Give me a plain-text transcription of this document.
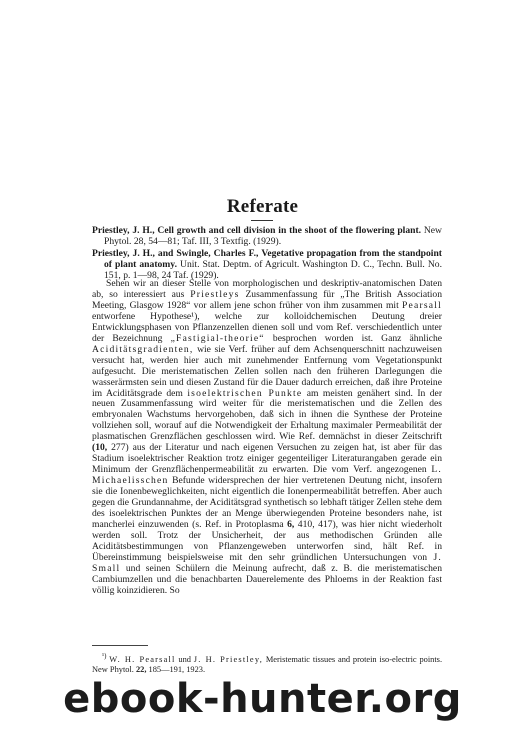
Referate

Priestley, J. H., Cell growth and cell division in the shoot of the flowering plant. New Phytol. 28, 54—81; Taf. III, 3 Textfig. (1929).

Priestley, J. H., and Swingle, Charles F., Vegetative propagation from the standpoint of plant anatomy. Unit. Stat. Deptm. of Agricult. Washington D. C., Techn. Bull. No. 151, p. 1—98, 24 Taf. (1929).

Sehen wir an dieser Stelle von morphologischen und deskriptiv-anatomischen Daten ab, so interessiert aus Priestleys Zusammenfassung für „The British Association Meeting, Glasgow 1928“ vor allem jene schon früher von ihm zusammen mit Pearsall entworfene Hypothese¹), welche zur kolloidchemischen Deutung dreier Entwicklungsphasen von Pflanzenzellen dienen soll und vom Ref. verschiedentlich unter der Bezeichnung „Fastigial-theorie“ besprochen worden ist. Ganz ähnliche Aciditätsgradienten, wie sie Verf. früher auf dem Achsenquerschnitt nachzuweisen versucht hat, werden hier auch mit zunehmender Entfernung vom Vegetationspunkt aufgesucht. Die meristematischen Zellen sollen nach den früheren Darlegungen die wasserärmsten sein und diesen Zustand für die Dauer dadurch erreichen, daß ihre Proteine im Aciditätsgrade dem isoelektrischen Punkte am meisten genähert sind. In der neuen Zusammenfassung wird weiter für die meristematischen und die Zellen des embryonalen Wachstums hervorgehoben, daß sich in ihnen die Synthese der Proteine vollziehen soll, worauf auf die Notwendigkeit der Erhaltung maximaler Permeabilität der plasmatischen Grenzflächen geschlossen wird. Wie Ref. demnächst in dieser Zeitschrift (10, 277) aus der Literatur und nach eigenen Versuchen zu zeigen hat, ist aber für das Stadium isoelektrischer Reaktion trotz einiger gegenteiliger Literaturangaben gerade ein Minimum der Grenzflächenpermeabilität zu erwarten. Die vom Verf. angezogenen L. Michaelisschen Befunde widersprechen der hier vertretenen Deutung nicht, insofern sie die Ionenbeweglichkeiten, nicht eigentlich die Ionenpermeabilität betreffen. Aber auch gegen die Grundannahme, der Aciditätsgrad synthetisch so lebhaft tätiger Zellen stehe dem des isoelektrischen Punktes der an Menge überwiegenden Proteine besonders nahe, ist mancherlei einzuwenden (s. Ref. in Protoplasma 6, 410, 417), was hier nicht wiederholt werden soll. Trotz der Unsicherheit, der aus methodischen Gründen alle Aciditätsbestimmungen von Pflanzengeweben unterworfen sind, hält Ref. in Übereinstimmung beispielsweise mit den sehr gründlichen Untersuchungen von J. Small und seinen Schülern die Meinung aufrecht, daß z. B. die meristematischen Cambiumzellen und die benachbarten Dauerelemente des Phloems in der Reaktion fast völlig koinzidieren. So

$^{^1)}$ W. H. Pearsall und J. H. Priestley, Meristematic tissues and protein iso-electric points. New Phytol. 22, 185—191, 1923.

ebook-hunter.org
